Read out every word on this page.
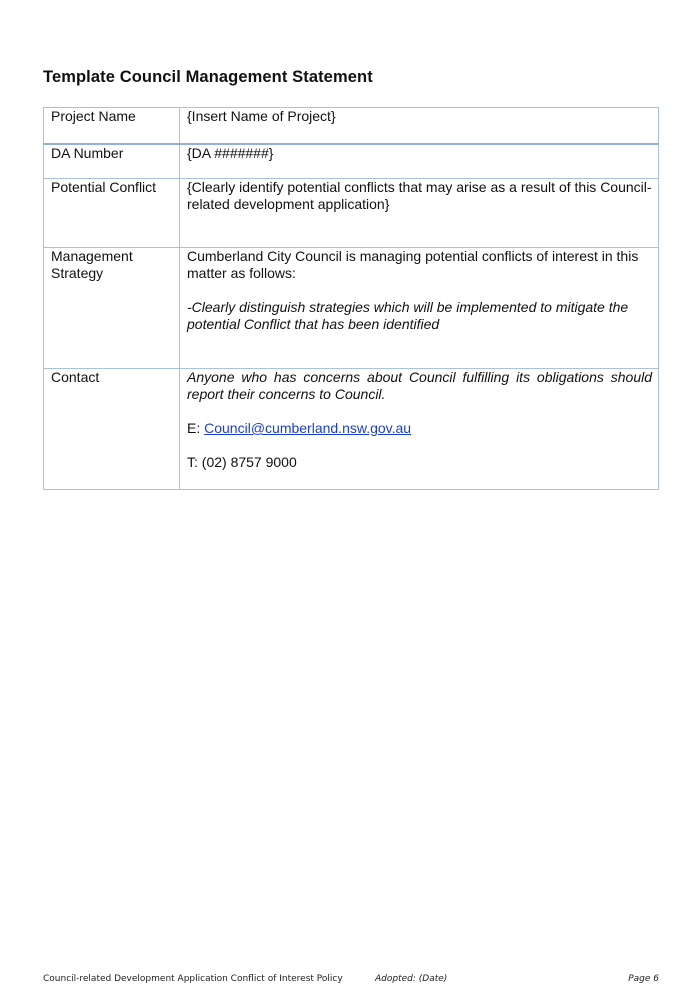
Template Council Management Statement
Project Name	{Insert Name of Project}
DA Number	{DA #######}
Potential Conflict	{Clearly identify potential conflicts that may arise as a result of this Council-related development application}
Management Strategy	Cumberland City Council is managing potential conflicts of interest in this matter as follows:

-Clearly distinguish strategies which will be implemented to mitigate the potential Conflict that has been identified

Contact	Anyone who has concerns about Council fulfilling its obligations should report their concerns to Council.

E: Council@cumberland.nsw.gov.au

T: (02) 8757 9000

Council-related Development Application Conflict of Interest Policy	Adopted: (Date)	Page 6
